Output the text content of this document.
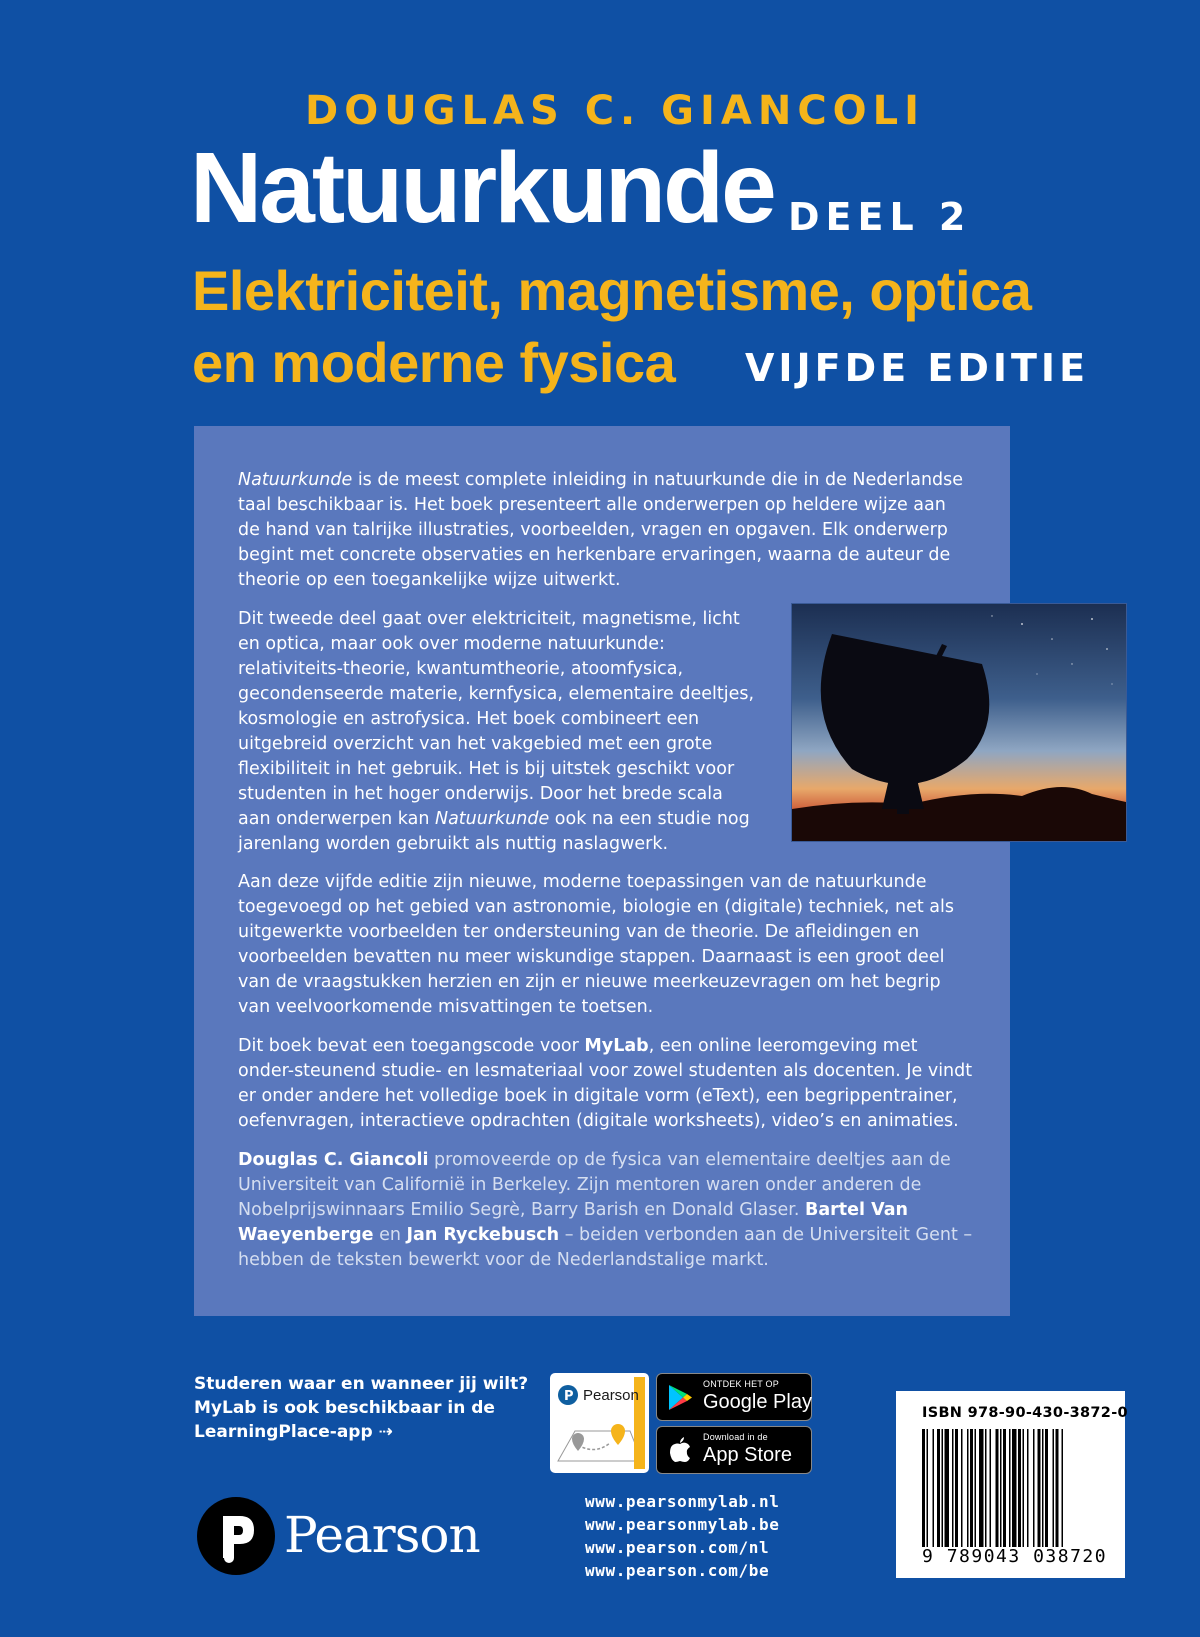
DOUGLAS C. GIANCOLI
Natuurkunde DEEL 2
Elektriciteit, magnetisme, optica
en moderne fysica VIJFDE EDITIE

Natuurkunde is de meest complete inleiding in natuurkunde die in de Nederlandse taal beschikbaar is. Het boek presenteert alle onderwerpen op heldere wijze aan de hand van talrijke illustraties, voorbeelden, vragen en opgaven. Elk onderwerp begint met concrete observaties en herkenbare ervaringen, waarna de auteur de theorie op een toegankelijke wijze uitwerkt.

Dit tweede deel gaat over elektriciteit, magnetisme, licht en optica, maar ook over moderne natuurkunde: relativiteits-theorie, kwantumtheorie, atoomfysica, gecondenseerde materie, kernfysica, elementaire deeltjes, kosmologie en astrofysica. Het boek combineert een uitgebreid overzicht van het vakgebied met een grote flexibiliteit in het gebruik. Het is bij uitstek geschikt voor studenten in het hoger onderwijs. Door het brede scala aan onderwerpen kan Natuurkunde ook na een studie nog jarenlang worden gebruikt als nuttig naslagwerk.

Aan deze vijfde editie zijn nieuwe, moderne toepassingen van de natuurkunde toegevoegd op het gebied van astronomie, biologie en (digitale) techniek, net als uitgewerkte voorbeelden ter ondersteuning van de theorie. De afleidingen en voorbeelden bevatten nu meer wiskundige stappen. Daarnaast is een groot deel van de vraagstukken herzien en zijn er nieuwe meerkeuzevragen om het begrip van veelvoorkomende misvattingen te toetsen.

Dit boek bevat een toegangscode voor MyLab, een online leeromgeving met onder-steunend studie- en lesmateriaal voor zowel studenten als docenten. Je vindt er onder andere het volledige boek in digitale vorm (eText), een begrippentrainer, oefenvragen, interactieve opdrachten (digitale worksheets), video’s en animaties.

Douglas C. Giancoli promoveerde op de fysica van elementaire deeltjes aan de Universiteit van Californië in Berkeley. Zijn mentoren waren onder anderen de Nobelprijswinnaars Emilio Segrè, Barry Barish en Donald Glaser. Bartel Van Waeyenberge en Jan Ryckebusch – beiden verbonden aan de Universiteit Gent – hebben de teksten bewerkt voor de Nederlandstalige markt.

Studeren waar en wanneer jij wilt?
MyLab is ook beschikbaar in de
LearningPlace-app ⇢

P Pearson
ONTDEK HET OP
Google Play
Download in de
App Store
www.pearsonmylab.nl
www.pearsonmylab.be
www.pearson.com/nl
www.pearson.com/be
Pearson
ISBN 978-90-430-3872-0
9 789043 038720
